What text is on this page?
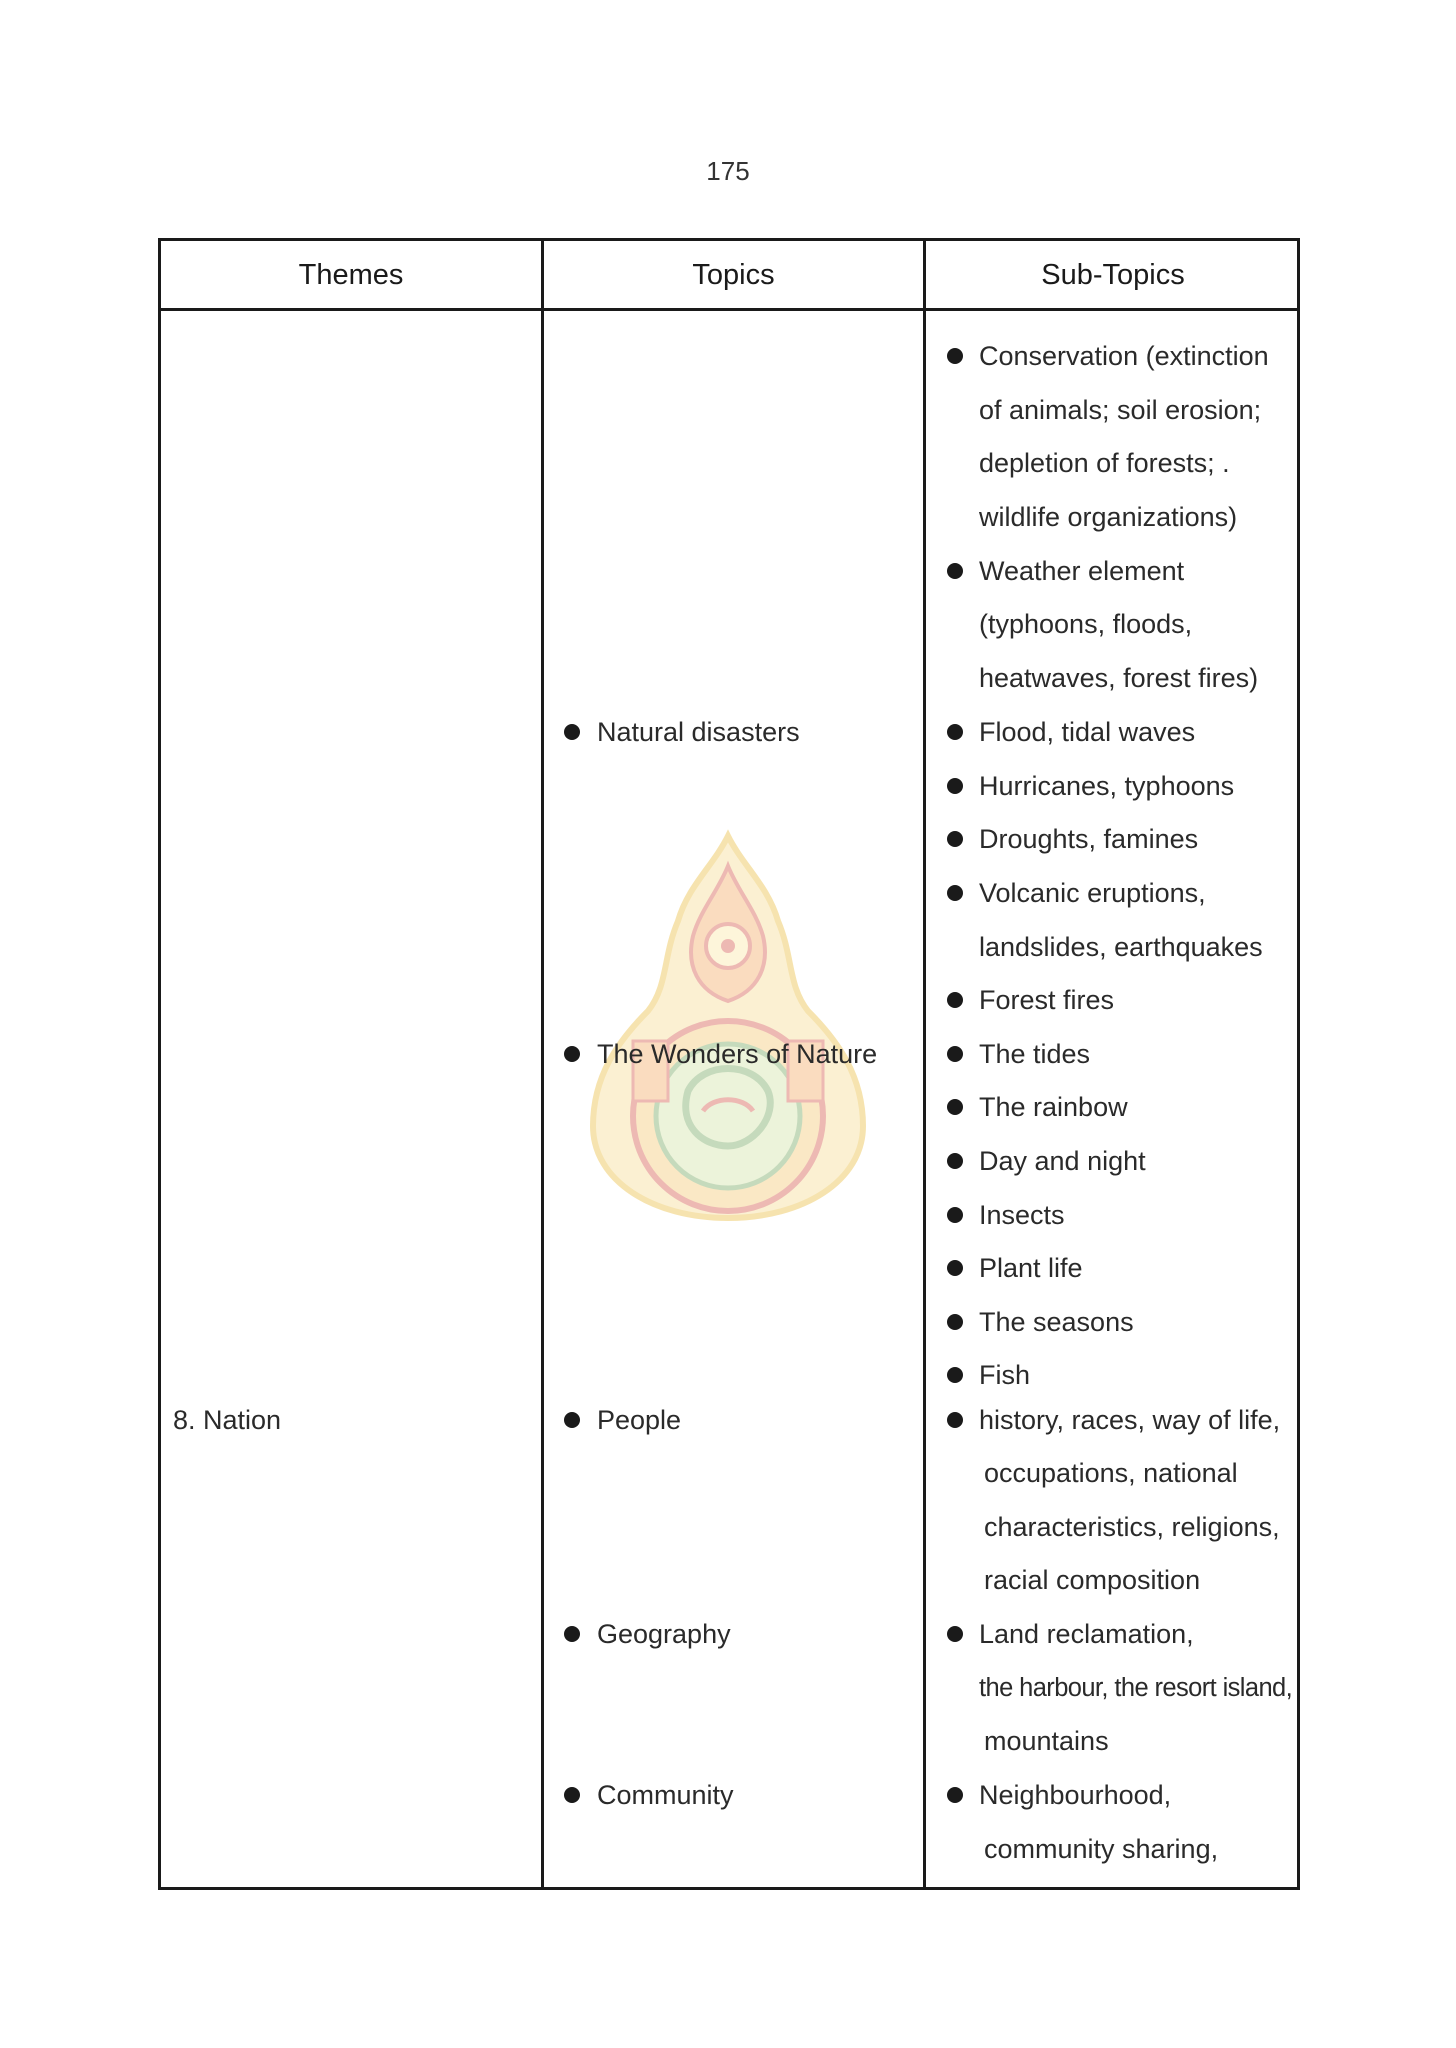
175
Themes	Topics	Sub-Topics
8. Nation
Natural disasters
The Wonders of Nature
People
Geography
Community
Conservation (extinction
of animals; soil erosion;
depletion of forests; .
wildlife organizations)
Weather element
(typhoons, floods,
heatwaves, forest fires)
Flood, tidal waves
Hurricanes, typhoons
Droughts, famines
Volcanic eruptions,
landslides, earthquakes
Forest fires
The tides
The rainbow
Day and night
Insects
Plant life
The seasons
Fish
history, races, way of life,
occupations, national
characteristics, religions,
racial composition
Land reclamation,
the harbour, the resort island,
mountains
Neighbourhood,
community sharing,
